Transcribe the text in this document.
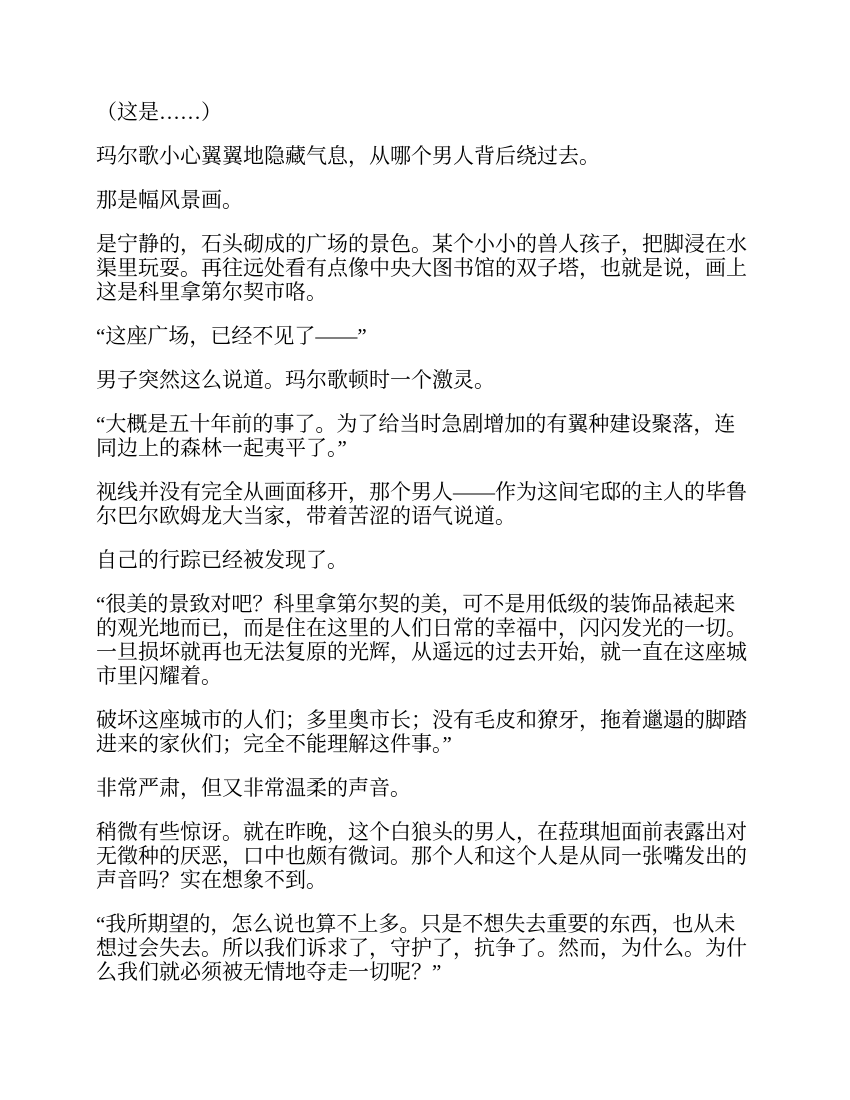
（这是……）

玛尔歌小心翼翼地隐藏气息，从哪个男人背后绕过去。

那是幅风景画。

是宁静的，石头砌成的广场的景色。某个小小的兽人孩子，把脚浸在水渠里玩耍。再往远处看有点像中央大图书馆的双子塔，也就是说，画上这是科里拿第尔契市咯。

“这座广场，已经不见了——”

男子突然这么说道。玛尔歌顿时一个激灵。

“大概是五十年前的事了。为了给当时急剧增加的有翼种建设聚落，连同边上的森林一起夷平了。”

视线并没有完全从画面移开，那个男人——作为这间宅邸的主人的毕鲁尔巴尔欧姆龙大当家，带着苦涩的语气说道。

自己的行踪已经被发现了。

“很美的景致对吧？科里拿第尔契的美，可不是用低级的装饰品裱起来的观光地而已，而是住在这里的人们日常的幸福中，闪闪发光的一切。一旦损坏就再也无法复原的光辉，从遥远的过去开始，就一直在这座城市里闪耀着。

破坏这座城市的人们；多里奥市长；没有毛皮和獠牙，拖着邋遢的脚踏进来的家伙们；完全不能理解这件事。”

非常严肃，但又非常温柔的声音。

稍微有些惊讶。就在昨晚，这个白狼头的男人，在菈琪旭面前表露出对无徵种的厌恶，口中也颇有微词。那个人和这个人是从同一张嘴发出的声音吗？实在想象不到。

“我所期望的，怎么说也算不上多。只是不想失去重要的东西，也从未想过会失去。所以我们诉求了，守护了，抗争了。然而，为什么。为什么我们就必须被无情地夺走一切呢？”
